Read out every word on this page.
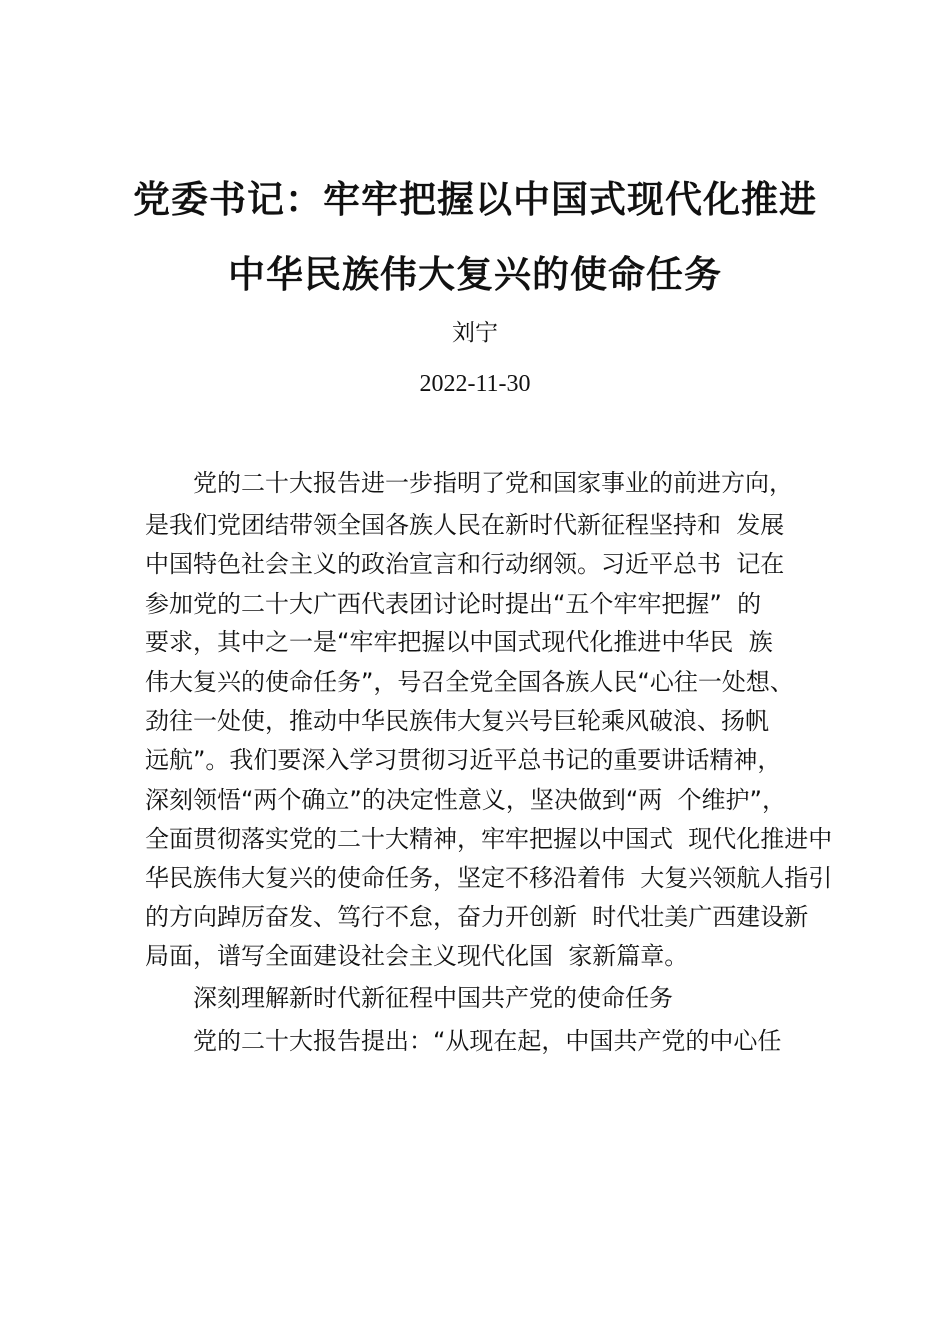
党委书记：牢牢把握以中国式现代化推进
中华民族伟大复兴的使命任务
刘宁
2022-11-30
党的二十大报告进一步指明了党和国家事业的前进方向，
是我们党团结带领全国各族人民在新时代新征程坚持和  发展
中国特色社会主义的政治宣言和行动纲领。习近平总书  记在
参加党的二十大广西代表团讨论时提出“五个牢牢把握”  的
要求，其中之一是“牢牢把握以中国式现代化推进中华民  族
伟大复兴的使命任务”，号召全党全国各族人民“心往一处想、
劲往一处使，推动中华民族伟大复兴号巨轮乘风破浪、扬帆
远航”。我们要深入学习贯彻习近平总书记的重要讲话精神，
深刻领悟“两个确立”的决定性意义，坚决做到“两  个维护”，
全面贯彻落实党的二十大精神，牢牢把握以中国式  现代化推进中
华民族伟大复兴的使命任务，坚定不移沿着伟  大复兴领航人指引
的方向踔厉奋发、笃行不怠，奋力开创新  时代壮美广西建设新
局面，谱写全面建设社会主义现代化国  家新篇章。
深刻理解新时代新征程中国共产党的使命任务
党的二十大报告提出：“从现在起，中国共产党的中心任
